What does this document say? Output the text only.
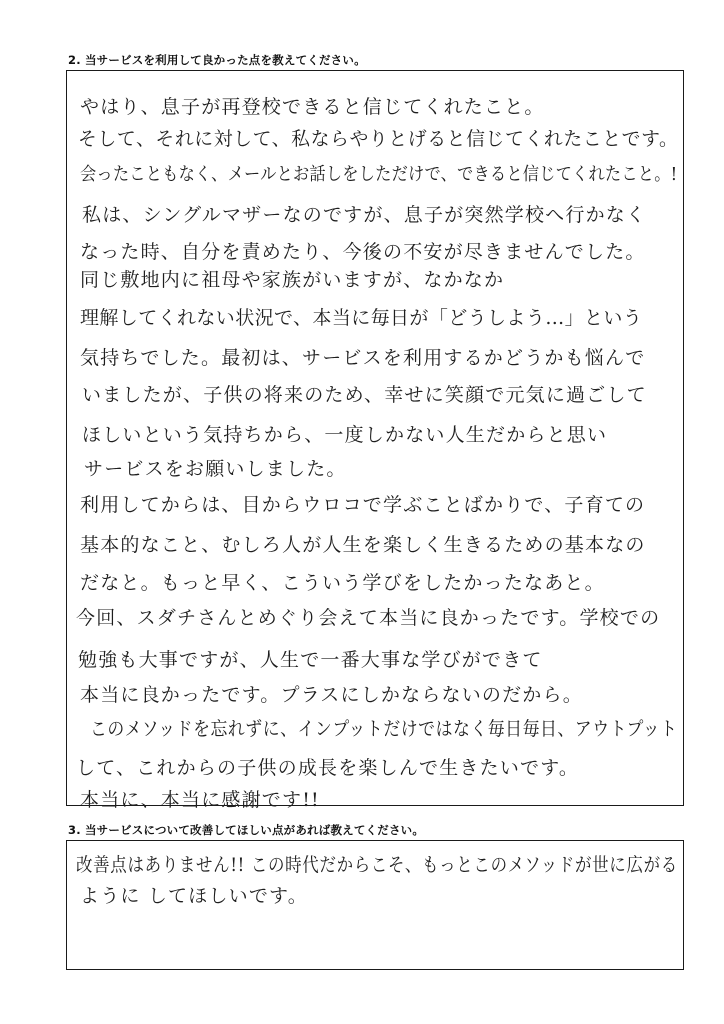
2. 当サービスを利用して良かった点を教えてください。
やはり、息子が再登校できると信じてくれたこと。
そして、それに対して、私ならやりとげると信じてくれたことです。
会ったこともなく、メールとお話しをしただけで、できると信じてくれたこと。!
私は、シングルマザーなのですが、息子が突然学校へ行かなく
なった時、自分を責めたり、今後の不安が尽きませんでした。
同じ敷地内に祖母や家族がいますが、なかなか
理解してくれない状況で、本当に毎日が「どうしよう…」という
気持ちでした。最初は、サービスを利用するかどうかも悩んで
いましたが、子供の将来のため、幸せに笑顔で元気に過ごして
ほしいという気持ちから、一度しかない人生だからと思い
サービスをお願いしました。
利用してからは、目からウロコで学ぶことばかりで、子育ての
基本的なこと、むしろ人が人生を楽しく生きるための基本なの
だなと。もっと早く、こういう学びをしたかったなあと。
今回、スダチさんとめぐり会えて本当に良かったです。学校での
勉強も大事ですが、人生で一番大事な学びができて
本当に良かったです。プラスにしかならないのだから。
このメソッドを忘れずに、インプットだけではなく毎日毎日、アウトプット
して、これからの子供の成長を楽しんで生きたいです。
本当に、本当に感謝です!!
3. 当サービスについて改善してほしい点があれば教えてください。
改善点はありません!! この時代だからこそ、もっとこのメソッドが世に広がる
ように してほしいです。
